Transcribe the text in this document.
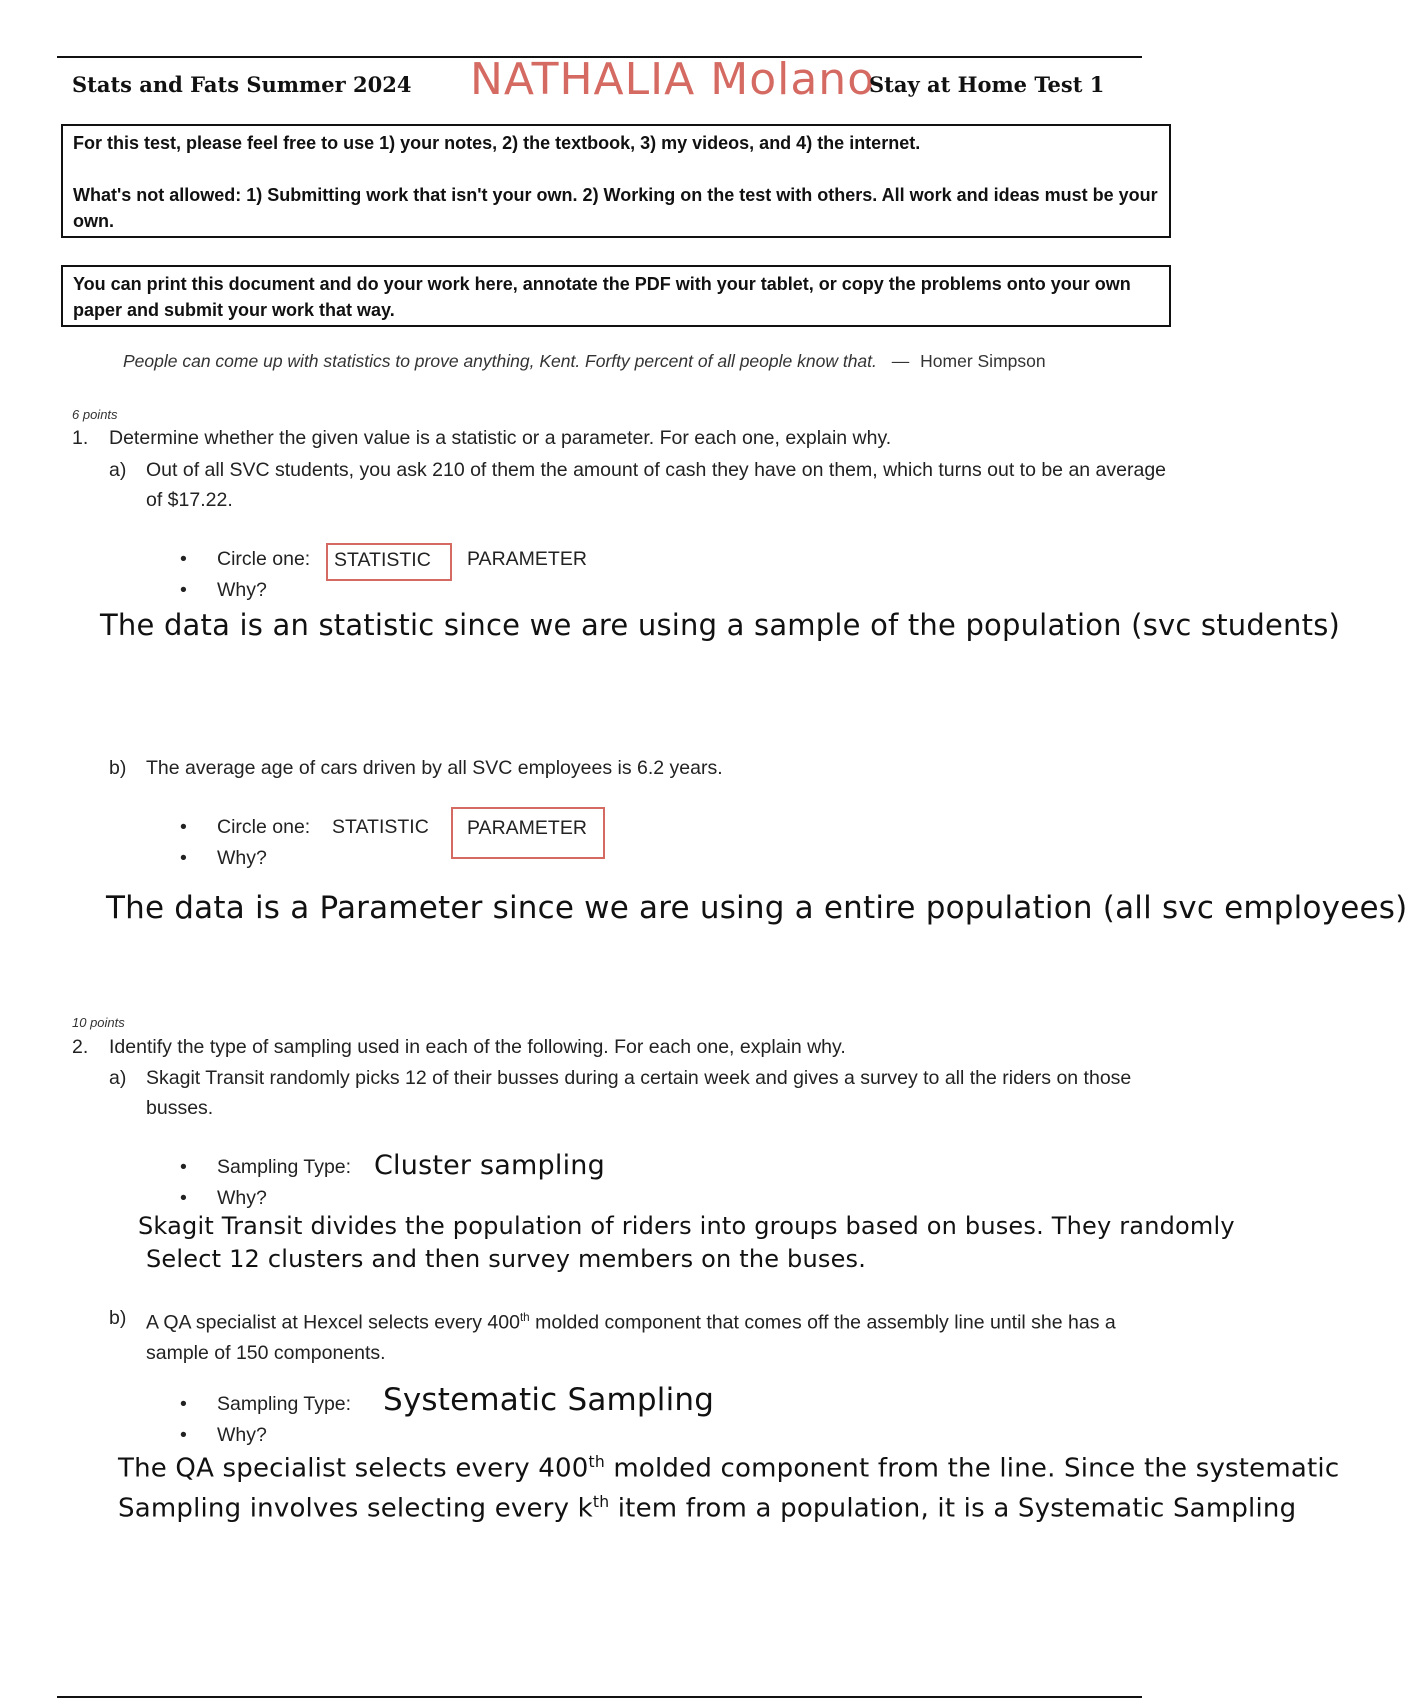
Stats and Fats Summer 2024 NATHALIA Molano
Stay at Home Test 1

For this test, please feel free to use 1) your notes, 2) the textbook, 3) my videos, and 4) the internet.

What's not allowed: 1) Submitting work that isn't your own. 2) Working on the test with others. All work and ideas must be your own.

You can print this document and do your work here, annotate the PDF with your tablet, or copy the problems onto your own paper and submit your work that way.

People can come up with statistics to prove anything, Kent. Forfty percent of all people know that. — Homer Simpson
6 points
1. Determine whether the given value is a statistic or a parameter. For each one, explain why.
a) Out of all SVC students, you ask 210 of them the amount of cash they have on them, which turns out to be an average of $17.22.
• Circle one:	STATISTIC	PARAMETER
• Why?
The data is an statistic since we are using a sample of the population (svc students)
b) The average age of cars driven by all SVC employees is 6.2 years.
• Circle one: STATISTIC	PARAMETER
• Why?
The data is a Parameter since we are using a entire population (all svc employees)
10 points
2. Identify the type of sampling used in each of the following. For each one, explain why.
a) Skagit Transit randomly picks 12 of their busses during a certain week and gives a survey to all the riders on those busses.
• Sampling Type: Cluster sampling
• Why?
Skagit Transit divides the population of riders into groups based on buses. They randomly
Select 12 clusters and then survey members on the buses.
b) A QA specialist at Hexcel selects every 400th molded component that comes off the assembly line until she has a sample of 150 components.
• Sampling Type: Systematic Sampling
• Why?
The QA specialist selects every 400th molded component from the line. Since the systematic
Sampling involves selecting every $k^{th}$ item from a population, it is a Systematic Sampling
